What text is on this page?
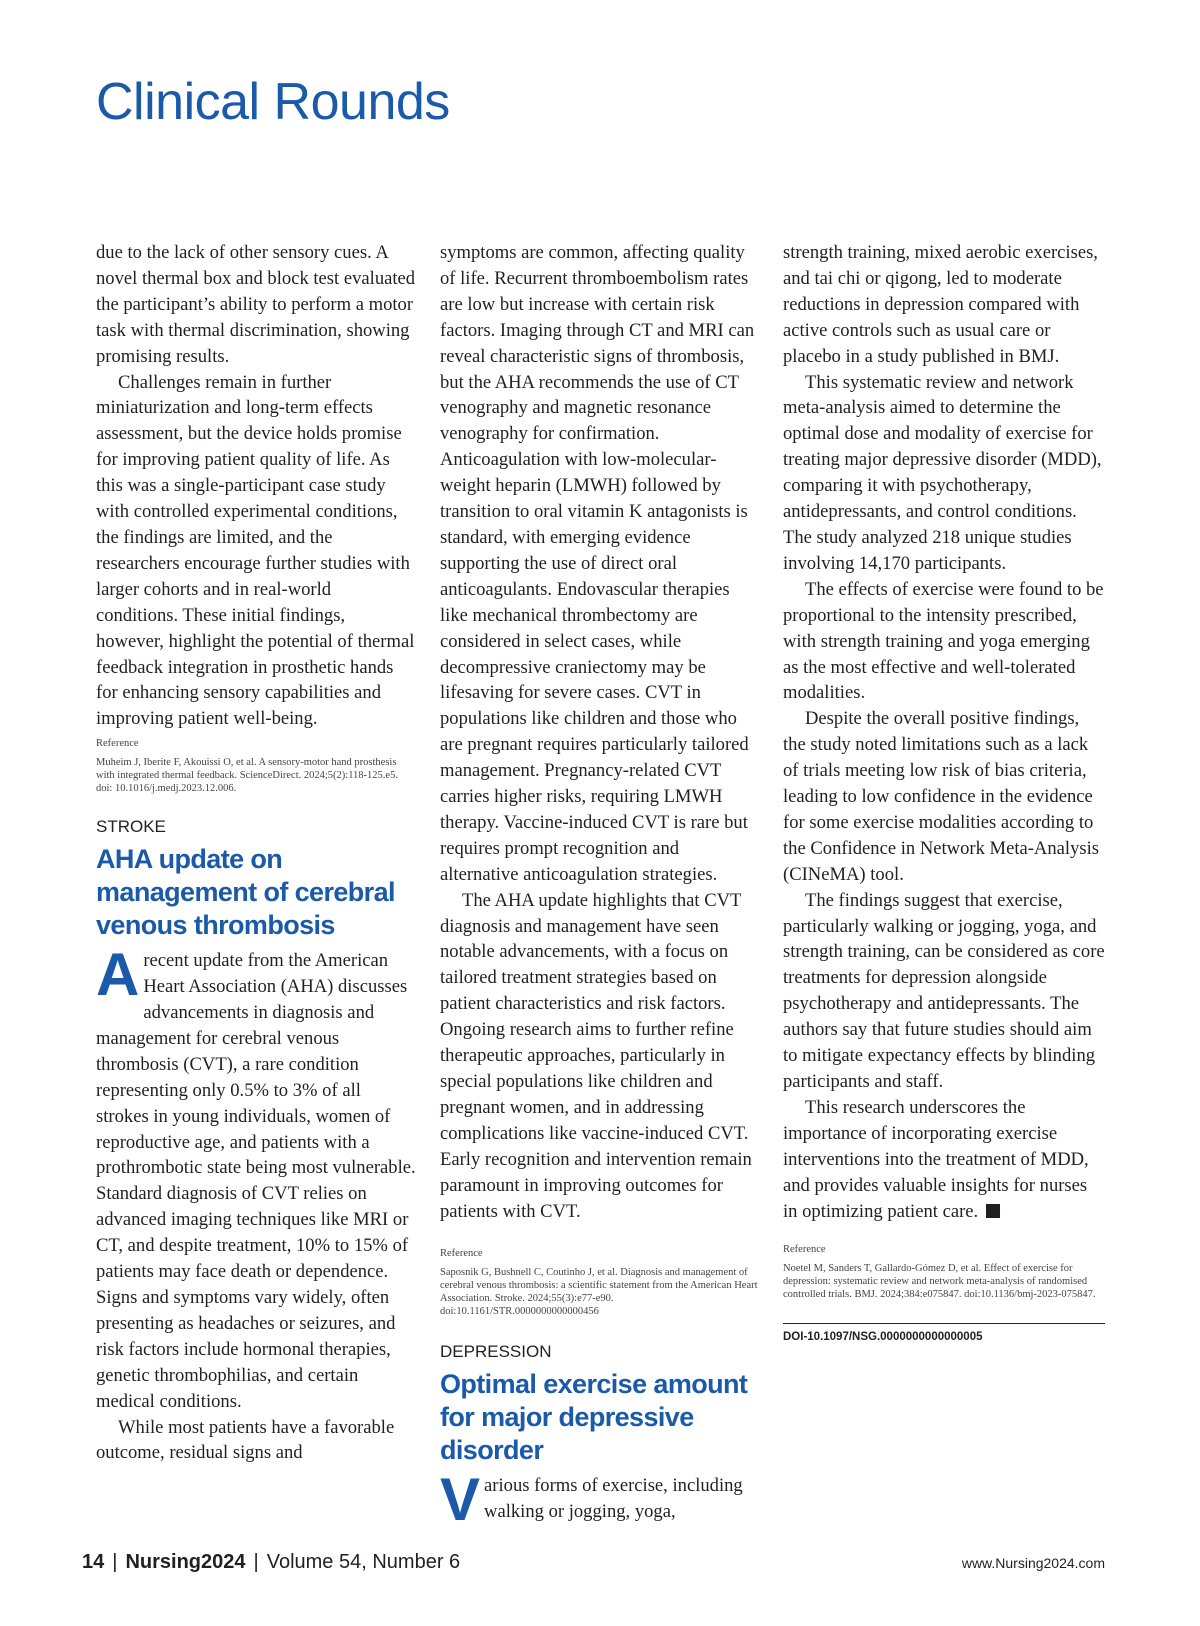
Clinical Rounds

due to the lack of other sensory cues. A novel thermal box and block test evaluated the participant’s ability to perform a motor task with thermal discrimination, showing promising results.

Challenges remain in further miniaturization and long-term effects assessment, but the device holds promise for improving patient quality of life. As this was a single-participant case study with controlled experimental conditions, the findings are limited, and the researchers encourage further studies with larger cohorts and in real-world conditions. These initial findings, however, highlight the potential of thermal feedback integration in prosthetic hands for enhancing sensory capabilities and improving patient well-being.

Reference

Muheim J, Iberite F, Akouissi O, et al. A sensory-motor hand prosthesis with integrated thermal feedback. ScienceDirect. 2024;5(2):118-125.e5. doi: 10.1016/j.medj.2023.12.006.

STROKE
AHA update on management of cerebral venous thrombosis

Arecent update from the American Heart Association (AHA) discusses advancements in diagnosis and management for cerebral venous thrombosis (CVT), a rare condition representing only 0.5% to 3% of all strokes in young individuals, women of reproductive age, and patients with a prothrombotic state being most vulnerable. Standard diagnosis of CVT relies on advanced imaging techniques like MRI or CT, and despite treatment, 10% to 15% of patients may face death or dependence. Signs and symptoms vary widely, often presenting as headaches or seizures, and risk factors include hormonal therapies, genetic thrombophilias, and certain medical conditions.

While most patients have a favorable outcome, residual signs and

symptoms are common, affecting quality of life. Recurrent thromboembolism rates are low but increase with certain risk factors. Imaging through CT and MRI can reveal characteristic signs of thrombosis, but the AHA recommends the use of CT venography and magnetic resonance venography for confirmation. Anticoagulation with low-molecular-weight heparin (LMWH) followed by transition to oral vitamin K antagonists is standard, with emerging evidence supporting the use of direct oral anticoagulants. Endovascular therapies like mechanical thrombectomy are considered in select cases, while decompressive craniectomy may be lifesaving for severe cases. CVT in populations like children and those who are pregnant requires particularly tailored management. Pregnancy-related CVT carries higher risks, requiring LMWH therapy. Vaccine-induced CVT is rare but requires prompt recognition and alternative anticoagulation strategies.

The AHA update highlights that CVT diagnosis and management have seen notable advancements, with a focus on tailored treatment strategies based on patient characteristics and risk factors. Ongoing research aims to further refine therapeutic approaches, particularly in special populations like children and pregnant women, and in addressing complications like vaccine-induced CVT. Early recognition and intervention remain paramount in improving outcomes for patients with CVT.

Reference

Saposnik G, Bushnell C, Coutinho J, et al. Diagnosis and management of cerebral venous thrombosis: a scientific statement from the American Heart Association. Stroke. 2024;55(3):e77-e90. doi:10.1161/STR.0000000000000456

DEPRESSION
Optimal exercise amount for major depressive disorder

Various forms of exercise, including walking or jogging, yoga,

strength training, mixed aerobic exercises, and tai chi or qigong, led to moderate reductions in depression compared with active controls such as usual care or placebo in a study published in BMJ.

This systematic review and network meta-analysis aimed to determine the optimal dose and modality of exercise for treating major depressive disorder (MDD), comparing it with psychotherapy, antidepressants, and control conditions. The study analyzed 218 unique studies involving 14,170 participants.

The effects of exercise were found to be proportional to the intensity prescribed, with strength training and yoga emerging as the most effective and well-tolerated modalities.

Despite the overall positive findings, the study noted limitations such as a lack of trials meeting low risk of bias criteria, leading to low confidence in the evidence for some exercise modalities according to the Confidence in Network Meta-Analysis (CINeMA) tool.

The findings suggest that exercise, particularly walking or jogging, yoga, and strength training, can be considered as core treatments for depression alongside psychotherapy and antidepressants. The authors say that future studies should aim to mitigate expectancy effects by blinding participants and staff.

This research underscores the importance of incorporating exercise interventions into the treatment of MDD, and provides valuable insights for nurses in optimizing patient care.

Reference

Noetel M, Sanders T, Gallardo-Gómez D, et al. Effect of exercise for depression: systematic review and network meta-analysis of randomised controlled trials. BMJ. 2024;384:e075847. doi:10.1136/bmj-2023-075847.

DOI-10.1097/NSG.0000000000000005
14 | Nursing2024 | Volume 54, Number 6	www.Nursing2024.com
